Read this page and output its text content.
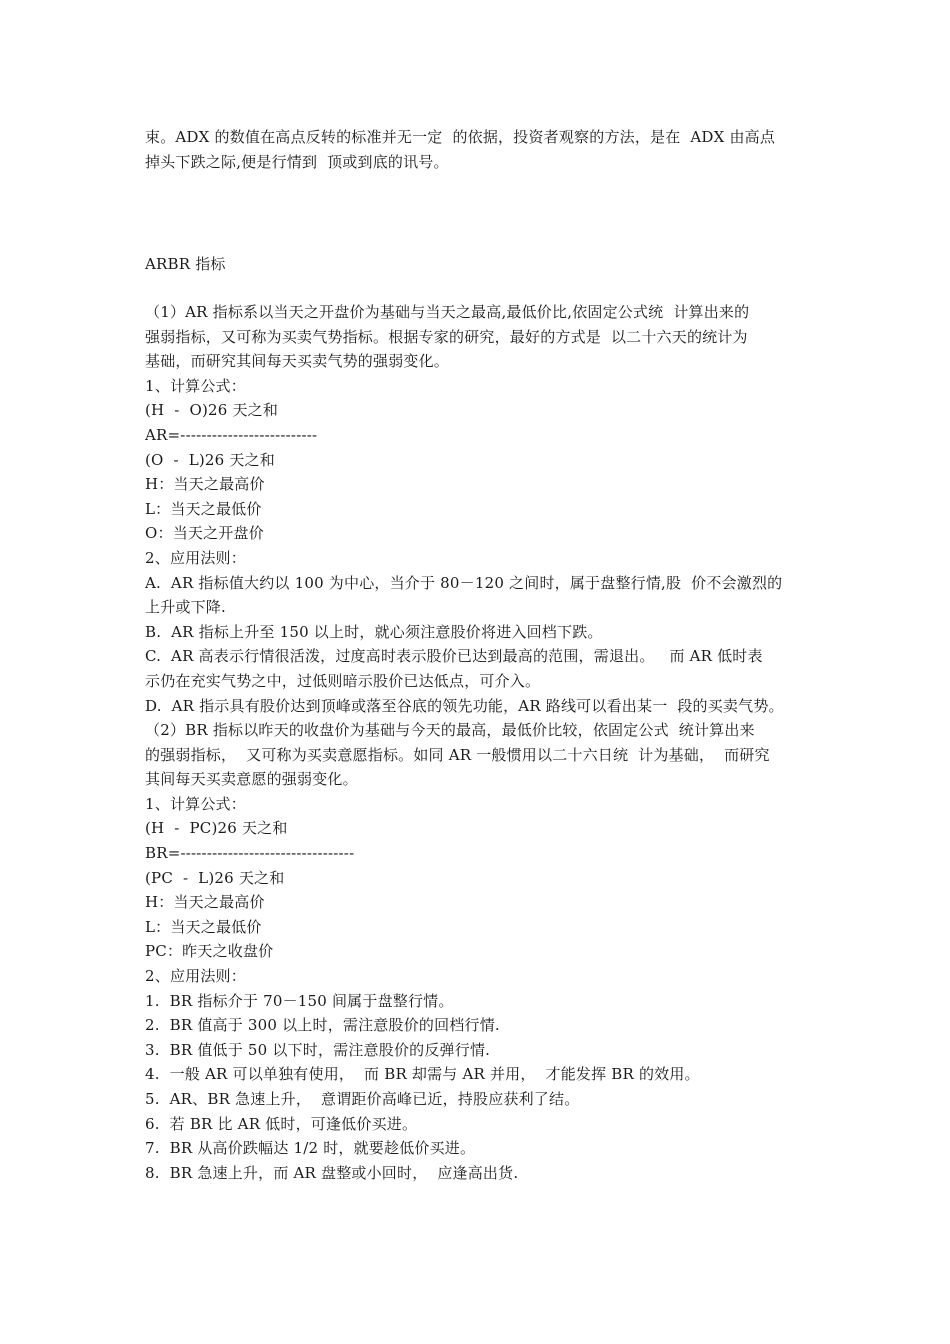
束。ADX 的数值在高点反转的标准并无一定  的依据，投资者观察的方法，是在  ADX 由高点
掉头下跌之际,便是行情到  顶或到底的讯号。
ARBR 指标
（1）AR 指标系以当天之开盘价为基础与当天之最高,最低价比,依固定公式统  计算出来的
强弱指标，又可称为买卖气势指标。根据专家的研究，最好的方式是  以二十六天的统计为
基础，而研究其间每天买卖气势的强弱变化。
1、计算公式：
(H  -  O)26 天之和
AR=--------------------------
(O  -  L)26 天之和
H：当天之最高价
L：当天之最低价
O：当天之开盘价
2、应用法则：
A.  AR 指标值大约以 100 为中心，当介于 80－120 之间时，属于盘整行情,股  价不会激烈的
上升或下降.
B.  AR 指标上升至 150 以上时，就心须注意股价将进入回档下跌。
C.  AR 高表示行情很活泼，过度高时表示股价已达到最高的范围，需退出。   而 AR 低时表
示仍在充实气势之中，过低则暗示股价已达低点，可介入。
D.  AR 指示具有股价达到顶峰或落至谷底的领先功能，AR 路线可以看出某一  段的买卖气势。
（2）BR 指标以昨天的收盘价为基础与今天的最高，最低价比较，依固定公式  统计算出来
的强弱指标，  又可称为买卖意愿指标。如同 AR 一般惯用以二十六日统  计为基础，  而研究
其间每天买卖意愿的强弱变化。
1、计算公式：
(H  -  PC)26 天之和
BR=---------------------------------
(PC  -  L)26 天之和
H：当天之最高价
L：当天之最低价
PC：昨天之收盘价
2、应用法则：
1.  BR 指标介于 70－150 间属于盘整行情。
2.  BR 值高于 300 以上时，需注意股价的回档行情.
3.  BR 值低于 50 以下时，需注意股价的反弹行情.
4.  一般 AR 可以单独有使用，  而 BR 却需与 AR 并用，  才能发挥 BR 的效用。
5.  AR、BR 急速上升，  意谓距价高峰已近，持股应获利了结。
6.  若 BR 比 AR 低时，可逢低价买进。
7.  BR 从高价跌幅达 1/2 时，就要趁低价买进。
8.  BR 急速上升，而 AR 盘整或小回时，  应逢高出货.
